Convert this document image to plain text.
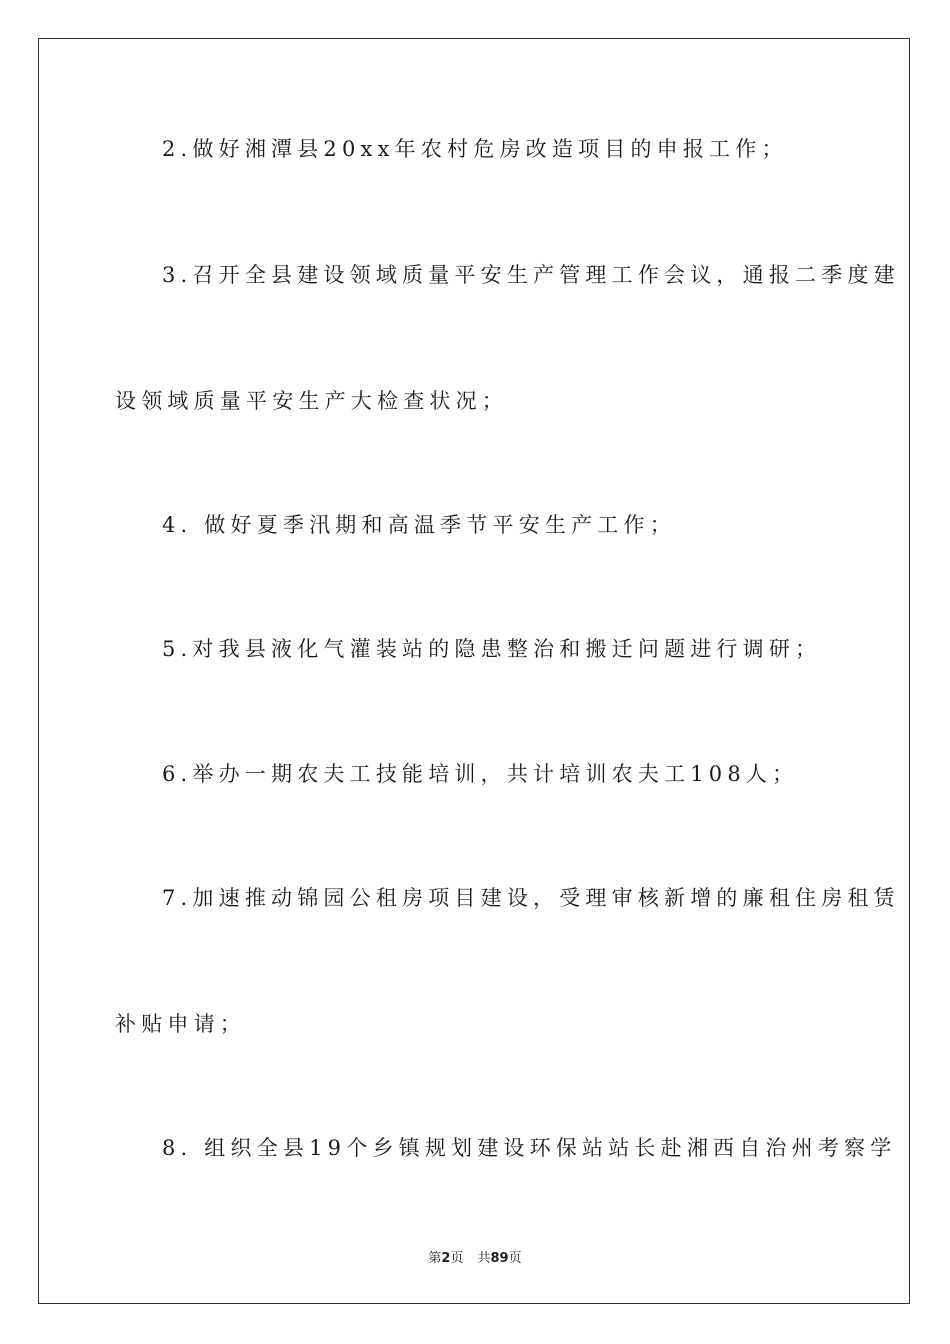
2.做好湘潭县20xx年农村危房改造项目的申报工作；
3.召开全县建设领域质量平安生产管理工作会议，通报二季度建
设领域质量平安生产大检查状况；
4. 做好夏季汛期和高温季节平安生产工作；
5.对我县液化气灌装站的隐患整治和搬迁问题进行调研；
6.举办一期农夫工技能培训，共计培训农夫工108人；
7.加速推动锦园公租房项目建设，受理审核新增的廉租住房租赁
补贴申请；
8. 组织全县19个乡镇规划建设环保站站长赴湘西自治州考察学
第2页 共89页
